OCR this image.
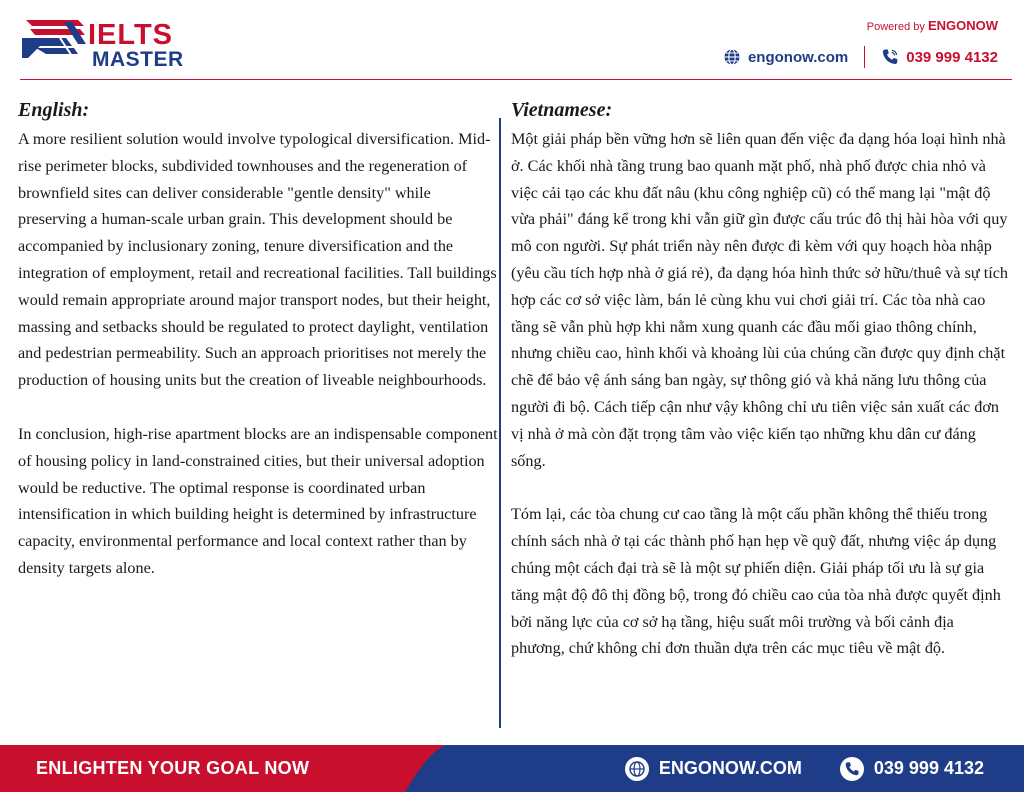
IELTS
MASTER
Powered by ENGONOW
engonow.com	039 999 4132
English:

A more resilient solution would involve typological diversification. Mid-rise perimeter blocks, subdivided townhouses and the regeneration of brownfield sites can deliver considerable "gentle density" while preserving a human-scale urban grain. This development should be accompanied by inclusionary zoning, tenure diversification and the integration of employment, retail and recreational facilities. Tall buildings would remain appropriate around major transport nodes, but their height, massing and setbacks should be regulated to protect daylight, ventilation and pedestrian permeability. Such an approach prioritises not merely the production of housing units but the creation of liveable neighbourhoods.

In conclusion, high-rise apartment blocks are an indispensable component of housing policy in land-constrained cities, but their universal adoption would be reductive. The optimal response is coordinated urban intensification in which building height is determined by infrastructure capacity, environmental performance and local context rather than by density targets alone.

Vietnamese:

Một giải pháp bền vững hơn sẽ liên quan đến việc đa dạng hóa loại hình nhà ở. Các khối nhà tầng trung bao quanh mặt phố, nhà phố được chia nhỏ và việc cải tạo các khu đất nâu (khu công nghiệp cũ) có thể mang lại "mật độ vừa phải" đáng kể trong khi vẫn giữ gìn được cấu trúc đô thị hài hòa với quy mô con người. Sự phát triển này nên được đi kèm với quy hoạch hòa nhập (yêu cầu tích hợp nhà ở giá rẻ), đa dạng hóa hình thức sở hữu/thuê và sự tích hợp các cơ sở việc làm, bán lẻ cùng khu vui chơi giải trí. Các tòa nhà cao tầng sẽ vẫn phù hợp khi nằm xung quanh các đầu mối giao thông chính, nhưng chiều cao, hình khối và khoảng lùi của chúng cần được quy định chặt chẽ để bảo vệ ánh sáng ban ngày, sự thông gió và khả năng lưu thông của người đi bộ. Cách tiếp cận như vậy không chỉ ưu tiên việc sản xuất các đơn vị nhà ở mà còn đặt trọng tâm vào việc kiến tạo những khu dân cư đáng sống.

Tóm lại, các tòa chung cư cao tầng là một cấu phần không thể thiếu trong chính sách nhà ở tại các thành phố hạn hẹp về quỹ đất, nhưng việc áp dụng chúng một cách đại trà sẽ là một sự phiến diện. Giải pháp tối ưu là sự gia tăng mật độ đô thị đồng bộ, trong đó chiều cao của tòa nhà được quyết định bởi năng lực của cơ sở hạ tầng, hiệu suất môi trường và bối cảnh địa phương, chứ không chỉ đơn thuần dựa trên các mục tiêu về mật độ.

ENLIGHTEN YOUR GOAL NOW	ENGONOW.COM	039 999 4132
